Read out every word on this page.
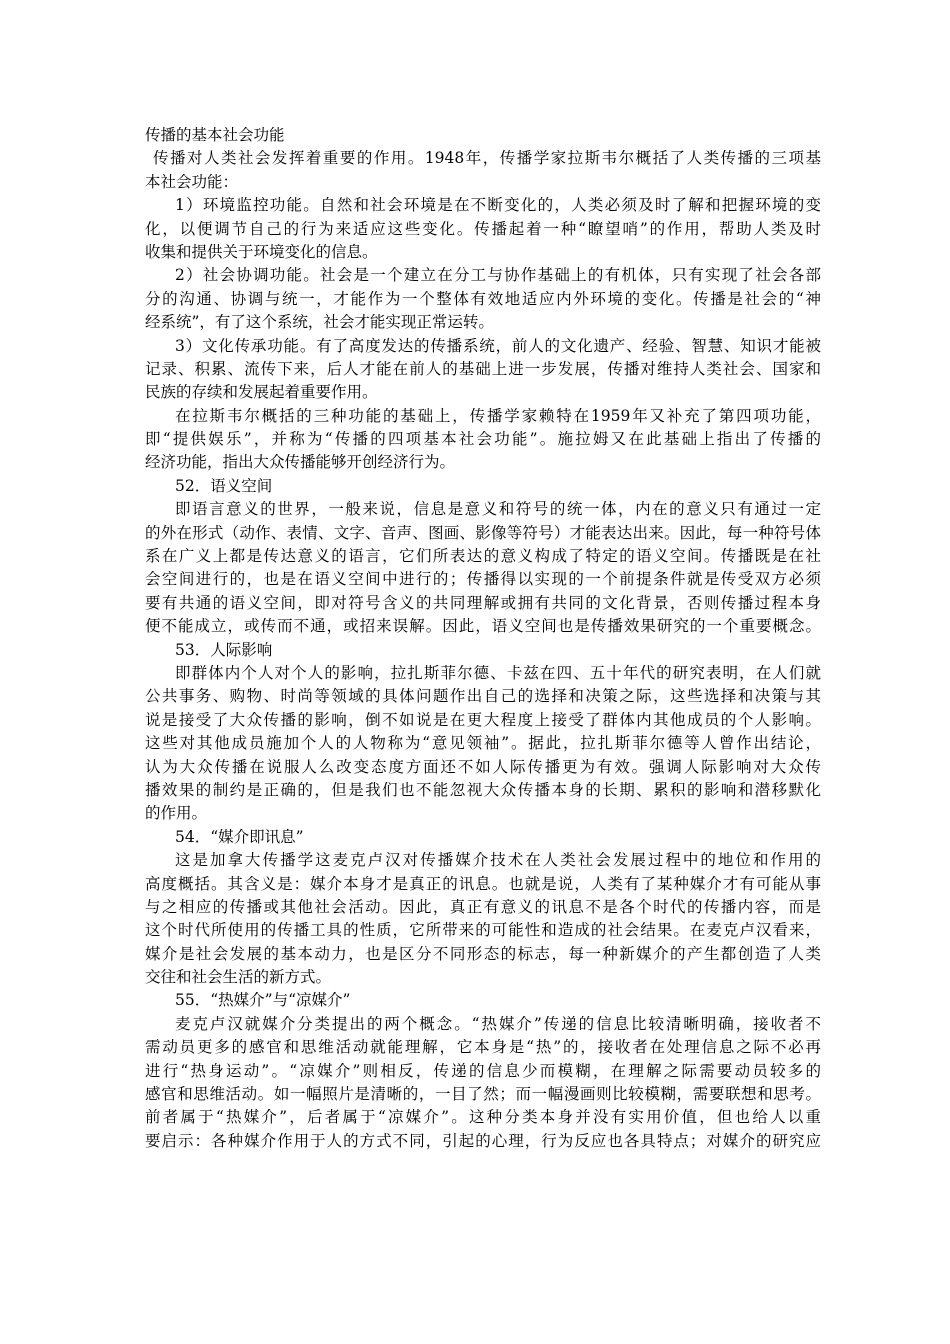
传播的基本社会功能
传播对人类社会发挥着重要的作用。1948年，传播学家拉斯韦尔概括了人类传播的三项基
本社会功能：
1）环境监控功能。自然和社会环境是在不断变化的，人类必须及时了解和把握环境的变
化，以便调节自己的行为来适应这些变化。传播起着一种“瞭望哨”的作用，帮助人类及时
收集和提供关于环境变化的信息。
2）社会协调功能。社会是一个建立在分工与协作基础上的有机体，只有实现了社会各部
分的沟通、协调与统一，才能作为一个整体有效地适应内外环境的变化。传播是社会的“神
经系统”，有了这个系统，社会才能实现正常运转。
3）文化传承功能。有了高度发达的传播系统，前人的文化遗产、经验、智慧、知识才能被
记录、积累、流传下来，后人才能在前人的基础上进一步发展，传播对维持人类社会、国家和
民族的存续和发展起着重要作用。
在拉斯韦尔概括的三种功能的基础上，传播学家赖特在1959年又补充了第四项功能，
即“提供娱乐”，并称为“传播的四项基本社会功能”。施拉姆又在此基础上指出了传播的
经济功能，指出大众传播能够开创经济行为。
52．语义空间
即语言意义的世界，一般来说，信息是意义和符号的统一体，内在的意义只有通过一定
的外在形式（动作、表情、文字、音声、图画、影像等符号）才能表达出来。因此，每一种符号体
系在广义上都是传达意义的语言，它们所表达的意义构成了特定的语义空间。传播既是在社
会空间进行的，也是在语义空间中进行的；传播得以实现的一个前提条件就是传受双方必须
要有共通的语义空间，即对符号含义的共同理解或拥有共同的文化背景，否则传播过程本身
便不能成立，或传而不通，或招来误解。因此，语义空间也是传播效果研究的一个重要概念。
53．人际影响
即群体内个人对个人的影响，拉扎斯菲尔德、卡兹在四、五十年代的研究表明，在人们就
公共事务、购物、时尚等领域的具体问题作出自己的选择和决策之际，这些选择和决策与其
说是接受了大众传播的影响，倒不如说是在更大程度上接受了群体内其他成员的个人影响。
这些对其他成员施加个人的人物称为“意见领袖”。据此，拉扎斯菲尔德等人曾作出结论，
认为大众传播在说服人么改变态度方面还不如人际传播更为有效。强调人际影响对大众传
播效果的制约是正确的，但是我们也不能忽视大众传播本身的长期、累积的影响和潜移默化
的作用。
54．“媒介即讯息”
这是加拿大传播学这麦克卢汉对传播媒介技术在人类社会发展过程中的地位和作用的
高度概括。其含义是：媒介本身才是真正的讯息。也就是说，人类有了某种媒介才有可能从事
与之相应的传播或其他社会活动。因此，真正有意义的讯息不是各个时代的传播内容，而是
这个时代所使用的传播工具的性质，它所带来的可能性和造成的社会结果。在麦克卢汉看来，
媒介是社会发展的基本动力，也是区分不同形态的标志，每一种新媒介的产生都创造了人类
交往和社会生活的新方式。
55．“热媒介”与“凉媒介”
麦克卢汉就媒介分类提出的两个概念。“热媒介”传递的信息比较清晰明确，接收者不
需动员更多的感官和思维活动就能理解，它本身是“热”的，接收者在处理信息之际不必再
进行“热身运动”。“凉媒介”则相反，传递的信息少而模糊，在理解之际需要动员较多的
感官和思维活动。如一幅照片是清晰的，一目了然；而一幅漫画则比较模糊，需要联想和思考。
前者属于“热媒介”，后者属于“凉媒介”。这种分类本身并没有实用价值，但也给人以重
要启示：各种媒介作用于人的方式不同，引起的心理，行为反应也各具特点；对媒介的研究应
